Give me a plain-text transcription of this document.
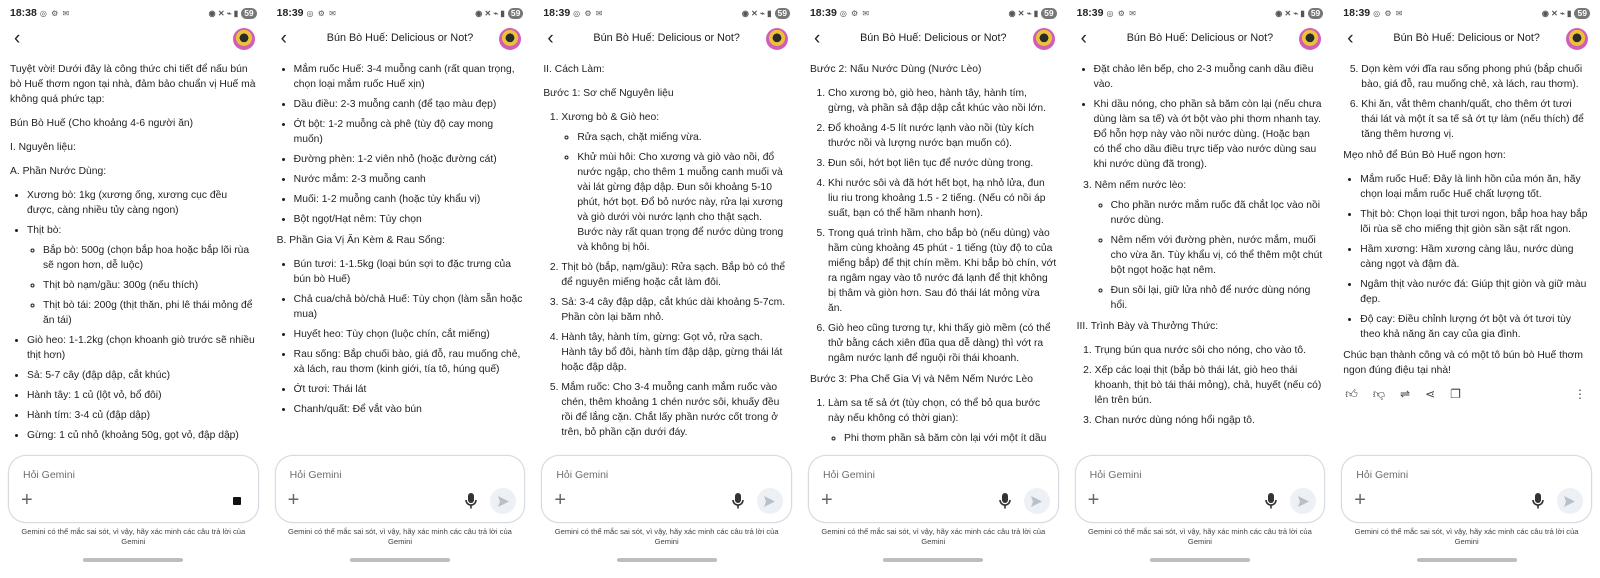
18:38 ◎ ⚙ ✉	◉ ✕ ⌁ ▮ 59
‹

Tuyệt vời! Dưới đây là công thức chi tiết để nấu bún bò Huế thơm ngon tại nhà, đảm bảo chuẩn vị Huế mà không quá phức tạp:

Bún Bò Huế (Cho khoảng 4-6 người ăn)

I. Nguyên liệu:

A. Phần Nước Dùng:

• Xương bò: 1kg (xương ống, xương cục đều được, càng nhiều tủy càng ngon)
• Thịt bò:
◦ Bắp bò: 500g (chọn bắp hoa hoặc bắp lõi rùa sẽ ngon hơn, dễ luộc)
◦ Thịt bò nạm/gầu: 300g (nếu thích)
◦ Thịt bò tái: 200g (thịt thăn, phi lê thái mỏng để ăn tái)
• Giò heo: 1-1.2kg (chọn khoanh giò trước sẽ nhiều thịt hơn)
• Sả: 5-7 cây (đập dập, cắt khúc)
• Hành tây: 1 củ (lột vỏ, bổ đôi)
• Hành tím: 3-4 củ (đập dập)
• Gừng: 1 củ nhỏ (khoảng 50g, gọt vỏ, đập dập)
Hỏi Gemini
+
Gemini có thể mắc sai sót, vì vậy, hãy xác minh các câu trả lời của Gemini
18:39 ◎ ⚙ ✉	◉ ✕ ⌁ ▮ 59
‹	Bún Bò Huế: Delicious or Not?
• Mắm ruốc Huế: 3-4 muỗng canh (rất quan trọng, chọn loại mắm ruốc Huế xịn)
• Dầu điều: 2-3 muỗng canh (để tạo màu đẹp)
• Ớt bột: 1-2 muỗng cà phê (tùy độ cay mong muốn)
• Đường phèn: 1-2 viên nhỏ (hoặc đường cát)
• Nước mắm: 2-3 muỗng canh
• Muối: 1-2 muỗng canh (hoặc tùy khẩu vị)
• Bột ngọt/Hạt nêm: Tùy chọn

B. Phần Gia Vị Ăn Kèm & Rau Sống:

• Bún tươi: 1-1.5kg (loại bún sợi to đặc trưng của bún bò Huế)
• Chả cua/chả bò/chả Huế: Tùy chọn (làm sẵn hoặc mua)
• Huyết heo: Tùy chọn (luộc chín, cắt miếng)
• Rau sống: Bắp chuối bào, giá đỗ, rau muống chẻ, xà lách, rau thơm (kinh giới, tía tô, húng quế)
• Ớt tươi: Thái lát
• Chanh/quất: Để vắt vào bún
Hỏi Gemini
+
Gemini có thể mắc sai sót, vì vậy, hãy xác minh các câu trả lời của Gemini
18:39 ◎ ⚙ ✉	◉ ✕ ⌁ ▮ 59
‹	Bún Bò Huế: Delicious or Not?

II. Cách Làm:

Bước 1: Sơ chế Nguyên liệu

1. Xương bò & Giò heo:
◦ Rửa sạch, chặt miếng vừa.
◦ Khử mùi hôi: Cho xương và giò vào nồi, đổ nước ngập, cho thêm 1 muỗng canh muối và vài lát gừng đập dập. Đun sôi khoảng 5-10 phút, hớt bọt. Đổ bỏ nước này, rửa lại xương và giò dưới vòi nước lạnh cho thật sạch. Bước này rất quan trọng để nước dùng trong và không bị hôi.
2. Thịt bò (bắp, nạm/gầu): Rửa sạch. Bắp bò có thể để nguyên miếng hoặc cắt làm đôi.
3. Sả: 3-4 cây đập dập, cắt khúc dài khoảng 5-7cm. Phần còn lại băm nhỏ.
4. Hành tây, hành tím, gừng: Gọt vỏ, rửa sạch. Hành tây bổ đôi, hành tím đập dập, gừng thái lát hoặc đập dập.
5. Mắm ruốc: Cho 3-4 muỗng canh mắm ruốc vào chén, thêm khoảng 1 chén nước sôi, khuấy đều rồi để lắng cặn. Chắt lấy phần nước cốt trong ở trên, bỏ phần cặn dưới đáy.
Hỏi Gemini
+
Gemini có thể mắc sai sót, vì vậy, hãy xác minh các câu trả lời của Gemini
18:39 ◎ ⚙ ✉	◉ ✕ ⌁ ▮ 59
‹	Bún Bò Huế: Delicious or Not?

Bước 2: Nấu Nước Dùng (Nước Lèo)

1. Cho xương bò, giò heo, hành tây, hành tím, gừng, và phần sả đập dập cắt khúc vào nồi lớn.
2. Đổ khoảng 4-5 lít nước lạnh vào nồi (tùy kích thước nồi và lượng nước bạn muốn có).
3. Đun sôi, hớt bọt liên tục để nước dùng trong.
4. Khi nước sôi và đã hớt hết bọt, hạ nhỏ lửa, đun liu riu trong khoảng 1.5 - 2 tiếng. (Nếu có nồi áp suất, bạn có thể hầm nhanh hơn).
5. Trong quá trình hầm, cho bắp bò (nếu dùng) vào hầm cùng khoảng 45 phút - 1 tiếng (tùy độ to của miếng bắp) để thịt chín mềm. Khi bắp bò chín, vớt ra ngâm ngay vào tô nước đá lạnh để thịt không bị thâm và giòn hơn. Sau đó thái lát mỏng vừa ăn.
6. Giò heo cũng tương tự, khi thấy giò mềm (có thể thử bằng cách xiên đũa qua dễ dàng) thì vớt ra ngâm nước lạnh để nguội rồi thái khoanh.

Bước 3: Pha Chế Gia Vị và Nêm Nếm Nước Lèo

1. Làm sa tế sả ớt (tùy chọn, có thể bỏ qua bước này nếu không có thời gian):
◦ Phi thơm phần sả băm còn lại với một ít dầu
Hỏi Gemini
+
Gemini có thể mắc sai sót, vì vậy, hãy xác minh các câu trả lời của Gemini
18:39 ◎ ⚙ ✉	◉ ✕ ⌁ ▮ 59
‹	Bún Bò Huế: Delicious or Not?
• Đặt chảo lên bếp, cho 2-3 muỗng canh dầu điều vào.
• Khi dầu nóng, cho phần sả băm còn lại (nếu chưa dùng làm sa tế) và ớt bột vào phi thơm nhanh tay. Đổ hỗn hợp này vào nồi nước dùng. (Hoặc bạn có thể cho dầu điều trực tiếp vào nước dùng sau khi nước dùng đã trong).
3. Nêm nếm nước lèo:
◦ Cho phần nước mắm ruốc đã chắt lọc vào nồi nước dùng.
◦ Nêm nếm với đường phèn, nước mắm, muối cho vừa ăn. Tùy khẩu vị, có thể thêm một chút bột ngọt hoặc hạt nêm.
◦ Đun sôi lại, giữ lửa nhỏ để nước dùng nóng hổi.

III. Trình Bày và Thưởng Thức:

1. Trụng bún qua nước sôi cho nóng, cho vào tô.
2. Xếp các loại thịt (bắp bò thái lát, giò heo thái khoanh, thịt bò tái thái mỏng), chả, huyết (nếu có) lên trên bún.
3. Chan nước dùng nóng hổi ngập tô.
Hỏi Gemini
+
Gemini có thể mắc sai sót, vì vậy, hãy xác minh các câu trả lời của Gemini
18:39 ◎ ⚙ ✉	◉ ✕ ⌁ ▮ 59
‹	Bún Bò Huế: Delicious or Not?
5. Dọn kèm với đĩa rau sống phong phú (bắp chuối bào, giá đỗ, rau muống chẻ, xà lách, rau thơm).
6. Khi ăn, vắt thêm chanh/quất, cho thêm ớt tươi thái lát và một ít sa tế sả ớt tự làm (nếu thích) để tăng thêm hương vị.

Mẹo nhỏ để Bún Bò Huế ngon hơn:

• Mắm ruốc Huế: Đây là linh hồn của món ăn, hãy chọn loại mắm ruốc Huế chất lượng tốt.
• Thịt bò: Chọn loại thịt tươi ngon, bắp hoa hay bắp lõi rùa sẽ cho miếng thịt giòn sần sật rất ngon.
• Hầm xương: Hầm xương càng lâu, nước dùng càng ngọt và đậm đà.
• Ngâm thịt vào nước đá: Giúp thịt giòn và giữ màu đẹp.
• Độ cay: Điều chỉnh lượng ớt bột và ớt tươi tùy theo khả năng ăn cay của gia đình.

Chúc bạn thành công và có một tô bún bò Huế thơm ngon đúng điệu tại nhà!

👍︎ 👎︎ ⇌ ⋖ ❐	⋮
Hỏi Gemini
+
Gemini có thể mắc sai sót, vì vậy, hãy xác minh các câu trả lời của Gemini
